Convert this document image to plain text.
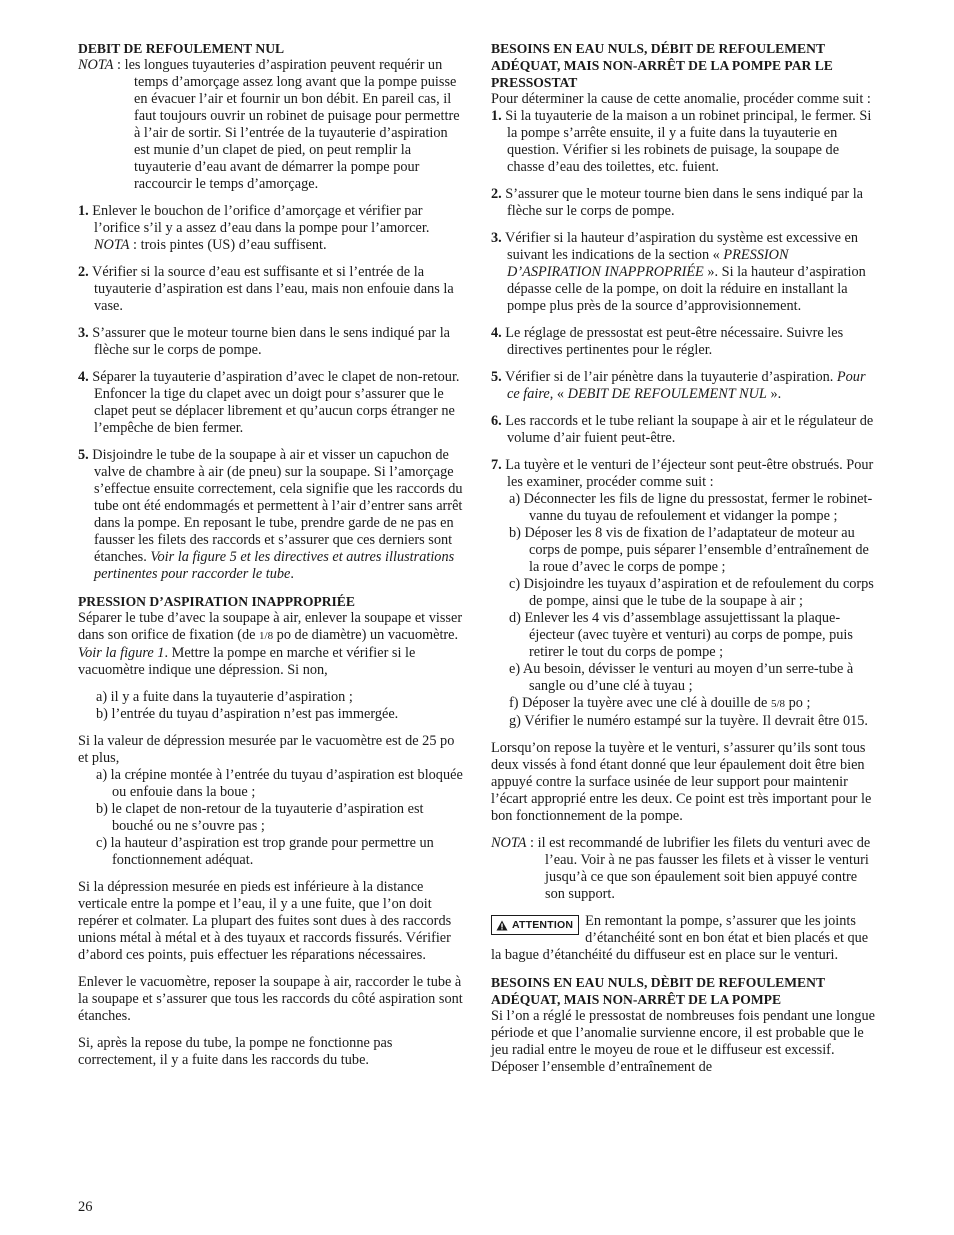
DEBIT DE REFOULEMENT NUL

NOTA : les longues tuyauteries d’aspiration peuvent requérir un temps d’amorçage assez long avant que la pompe puisse en évacuer l’air et fournir un bon débit. En pareil cas, il faut toujours ouvrir un robinet de puisage pour permettre à l’air de sortir. Si l’entrée de la tuyauterie d’aspiration est munie d’un clapet de pied, on peut remplir la tuyauterie d’eau avant de démarrer la pompe pour raccourcir le temps d’amorçage.

1. Enlever le bouchon de l’orifice d’amorçage et vérifier par l’orifice s’il y a assez d’eau dans la pompe pour l’amorcer. NOTA : trois pintes (US) d’eau suffisent.

2. Vérifier si la source d’eau est suffisante et si l’entrée de la tuyauterie d’aspiration est dans l’eau, mais non enfouie dans la vase.

3. S’assurer que le moteur tourne bien dans le sens indiqué par la flèche sur le corps de pompe.

4. Séparer la tuyauterie d’aspiration d’avec le clapet de non-retour. Enfoncer la tige du clapet avec un doigt pour s’assurer que le clapet peut se déplacer librement et qu’aucun corps étranger ne l’empêche de bien fermer.

5. Disjoindre le tube de la soupape à air et visser un capuchon de valve de chambre à air (de pneu) sur la soupape. Si l’amorçage s’effectue ensuite correctement, cela signifie que les raccords du tube ont été endommagés et permettent à l’air d’entrer sans arrêt dans la pompe. En reposant le tube, prendre garde de ne pas en fausser les filets des raccords et s’assurer que ces derniers sont étanches. Voir la figure 5 et les directives et autres illustrations pertinentes pour raccorder le tube.

PRESSION D’ASPIRATION INAPPROPRIÉE

Séparer le tube d’avec la soupape à air, enlever la soupape et visser dans son orifice de fixation (de 1/8 po de diamètre) un vacuomètre. Voir la figure 1. Mettre la pompe en marche et vérifier si le vacuomètre indique une dépression. Si non,

a) il y a fuite dans la tuyauterie d’aspiration ;

b) l’entrée du tuyau d’aspiration n’est pas immergée.

Si la valeur de dépression mesurée par le vacuomètre est de 25 po et plus,

a) la crépine montée à l’entrée du tuyau d’aspiration est bloquée ou enfouie dans la boue ;

b) le clapet de non-retour de la tuyauterie d’aspiration est bouché ou ne s’ouvre pas ;

c) la hauteur d’aspiration est trop grande pour permettre un fonctionnement adéquat.

Si la dépression mesurée en pieds est inférieure à la distance verticale entre la pompe et l’eau, il y a une fuite, que l’on doit repérer et colmater. La plupart des fuites sont dues à des raccords unions métal à métal et à des tuyaux et raccords fissurés. Vérifier d’abord ces points, puis effectuer les réparations nécessaires.

Enlever le vacuomètre, reposer la soupape à air, raccorder le tube à la soupape et s’assurer que tous les raccords du côté aspiration sont étanches.

Si, après la repose du tube, la pompe ne fonctionne pas correctement, il y a fuite dans les raccords du tube.

BESOINS EN EAU NULS, DÉBIT DE REFOULEMENT ADÉQUAT, MAIS NON-ARRÊT DE LA POMPE PAR LE PRESSOSTAT

Pour déterminer la cause de cette anomalie, procéder comme suit :

1. Si la tuyauterie de la maison a un robinet principal, le fermer. Si la pompe s’arrête ensuite, il y a fuite dans la tuyauterie en question. Vérifier si les robinets de puisage, la soupape de chasse d’eau des toilettes, etc. fuient.

2. S’assurer que le moteur tourne bien dans le sens indiqué par la flèche sur le corps de pompe.

3. Vérifier si la hauteur d’aspiration du système est excessive en suivant les indications de la section « PRESSION D’ASPIRATION INAPPROPRIÉE ». Si la hauteur d’aspiration dépasse celle de la pompe, on doit la réduire en installant la pompe plus près de la source d’approvisionnement.

4. Le réglage de pressostat est peut-être nécessaire. Suivre les directives pertinentes pour le régler.

5. Vérifier si de l’air pénètre dans la tuyauterie d’aspiration. Pour ce faire, « DEBIT DE REFOULEMENT NUL ».

6. Les raccords et le tube reliant la soupape à air et le régulateur de volume d’air fuient peut-être.

7. La tuyère et le venturi de l’éjecteur sont peut-être obstrués. Pour les examiner, procéder comme suit :

a) Déconnecter les fils de ligne du pressostat, fermer le robinet-vanne du tuyau de refoulement et vidanger la pompe ;

b) Déposer les 8 vis de fixation de l’adaptateur de moteur au corps de pompe, puis séparer l’ensemble d’entraînement de la roue d’avec le corps de pompe ;

c) Disjoindre les tuyaux d’aspiration et de refoulement du corps de pompe, ainsi que le tube de la soupape à air ;

d) Enlever les 4 vis d’assemblage assujettissant la plaque-éjecteur (avec tuyère et venturi) au corps de pompe, puis retirer le tout du corps de pompe ;

e) Au besoin, dévisser le venturi au moyen d’un serre-tube à sangle ou d’une clé à tuyau ;

f) Déposer la tuyère avec une clé à douille de 5/8 po ;

g) Vérifier le numéro estampé sur la tuyère. Il devrait être 015.

Lorsqu’on repose la tuyère et le venturi, s’assurer qu’ils sont tous deux vissés à fond étant donné que leur épaulement doit être bien appuyé contre la surface usinée de leur support pour maintenir l’écart approprié entre les deux. Ce point est très important pour le bon fonctionnement de la pompe.

NOTA : il est recommandé de lubrifier les filets du venturi avec de l’eau. Voir à ne pas fausser les filets et à visser le venturi jusqu’à ce que son épaulement soit bien appuyé contre son support.

ATTENTION En remontant la pompe, s’assurer que les joints d’étanchéité sont en bon état et bien placés et que la bague d’étanchéité du diffuseur est en place sur le venturi.
BESOINS EN EAU NULS, DÈBIT DE REFOULEMENT ADÉQUAT, MAIS NON-ARRÊT DE LA POMPE

Si l’on a réglé le pressostat de nombreuses fois pendant une longue période et que l’anomalie survienne encore, il est probable que le jeu radial entre le moyeu de roue et le diffuseur est excessif. Déposer l’ensemble d’entraînement de

26
